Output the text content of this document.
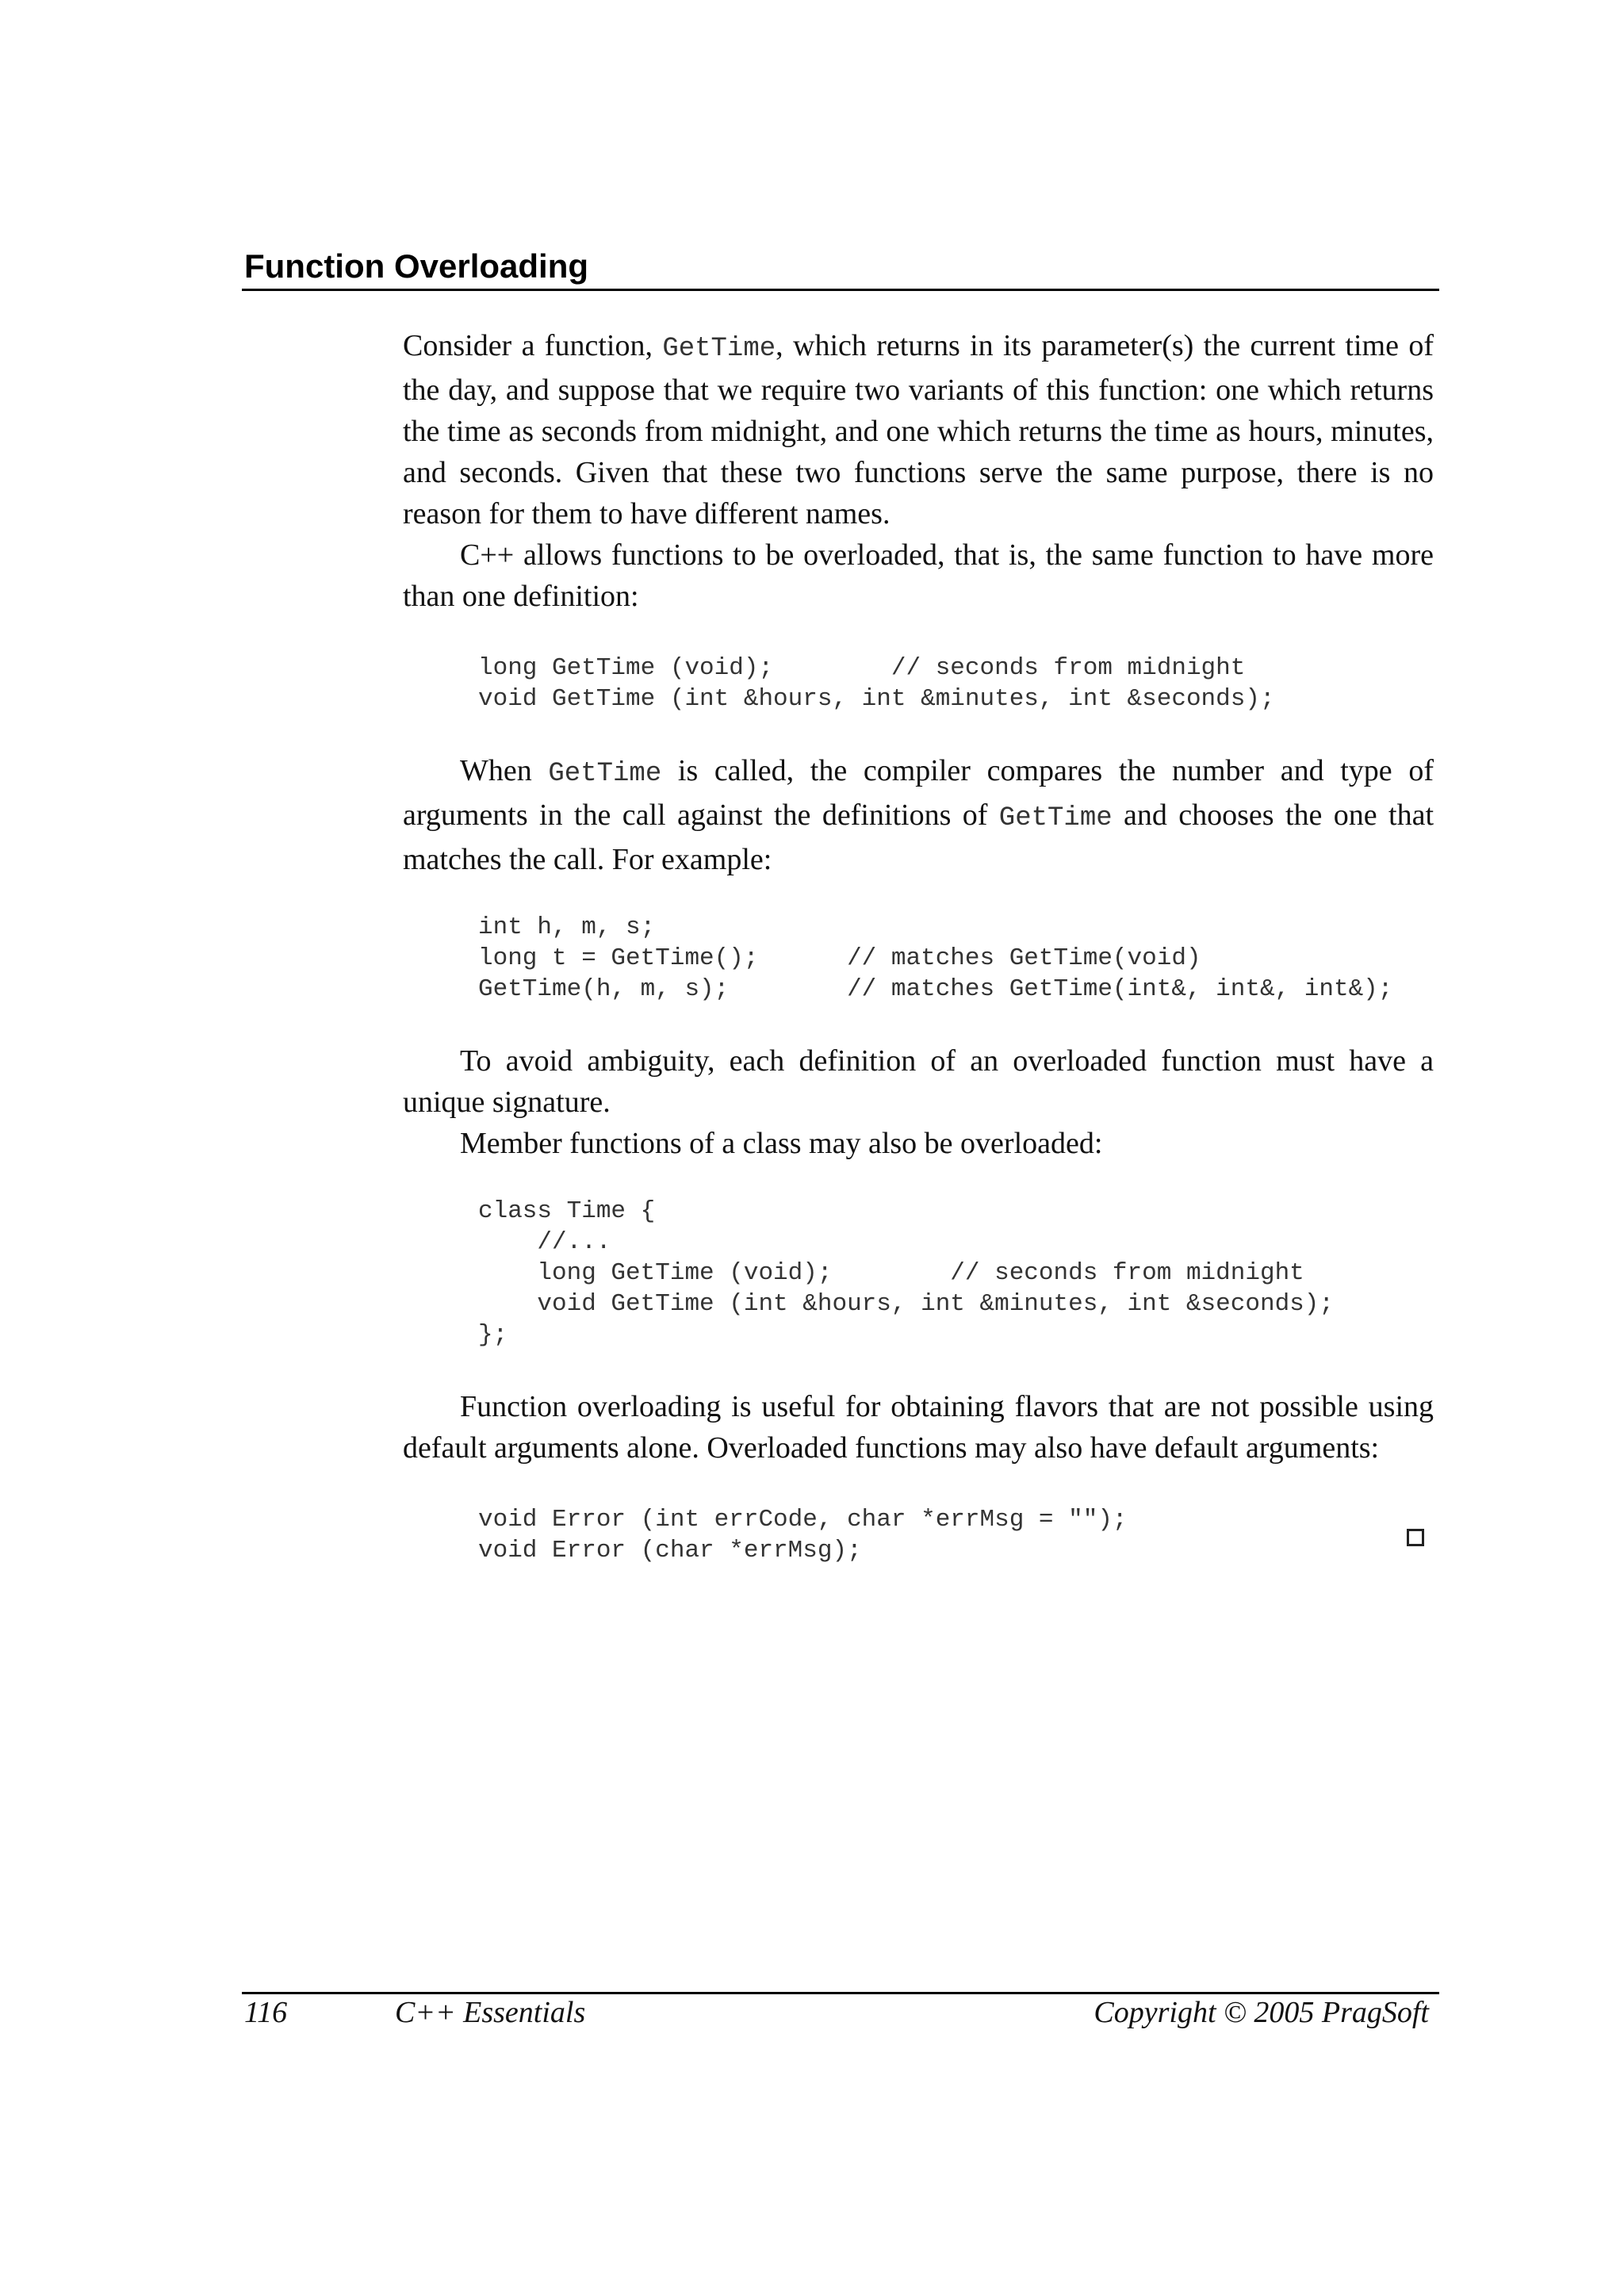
Function Overloading

Consider a function, GetTime, which returns in its parameter(s) the current time of the day, and suppose that we require two variants of this function: one which returns the time as seconds from midnight, and one which returns the time as hours, minutes, and seconds. Given that these two functions serve the same purpose, there is no reason for them to have different names.

C++ allows functions to be overloaded, that is, the same function to have more than one definition:

long GetTime (void);        // seconds from midnight
void GetTime (int &hours, int &minutes, int &seconds);

When GetTime is called, the compiler compares the number and type of arguments in the call against the definitions of GetTime and chooses the one that matches the call. For example:

int h, m, s;
long t = GetTime();      // matches GetTime(void)
GetTime(h, m, s);        // matches GetTime(int&, int&, int&);

To avoid ambiguity, each definition of an overloaded function must have a unique signature.

Member functions of a class may also be overloaded:

class Time {
//...
long GetTime (void);        // seconds from midnight
void GetTime (int &hours, int &minutes, int &seconds);
};

Function overloading is useful for obtaining flavors that are not possible using default arguments alone. Overloaded functions may also have default arguments:

void Error (int errCode, char *errMsg = "");
void Error (char *errMsg);
116	C++ Essentials	Copyright © 2005 PragSoft
